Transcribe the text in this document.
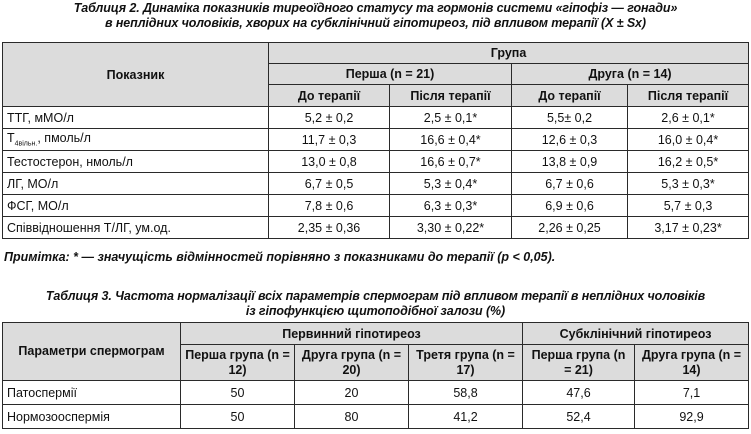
Таблиця 2. Динаміка показників тиреоїдного статусу та гормонів системи «гіпофіз — гонади»
в неплідних чоловіків, хворих на субклінічний гіпотиреоз, під впливом терапії (X ± Sx)
Показник	Група			
	Перша (n = 21)		Друга (n = 14)	
	До терапії	Після терапії	До терапії	Після терапії
ТТГ, мМО/л	5,2 ± 0,2	2,5 ± 0,1*	5,5± 0,2	2,6 ± 0,1*
$T_{4вільн.}$, пмоль/л	11,7 ± 0,3	16,6 ± 0,4*	12,6 ± 0,3	16,0 ± 0,4*
Тестостерон, нмоль/л	13,0 ± 0,8	16,6 ± 0,7*	13,8 ± 0,9	16,2 ± 0,5*
ЛГ, МО/л	6,7 ± 0,5	5,3 ± 0,4*	6,7 ± 0,6	5,3 ± 0,3*
ФСГ, МО/л	7,8 ± 0,6	6,3 ± 0,3*	6,9 ± 0,6	5,7 ± 0,3
Співвідношення Т/ЛГ, ум.од.	2,35 ± 0,36	3,30 ± 0,22*	2,26 ± 0,25	3,17 ± 0,23*
Примітка: * — значущість відмінностей порівняно з показниками до терапії (р < 0,05).
Таблиця 3. Частота нормалізації всіх параметрів спермограм під впливом терапії в неплідних чоловіків
із гіпофункцією щитоподібної залози (%)
Параметри спермограм	Первинний гіпотиреоз			Субклінічний гіпотиреоз	
	Перша група (n = 12)	Друга група (n = 20)	Третя група (n = 17)	Перша група (n = 21)	Друга група (n = 14)
Патоспермії	50	20	58,8	47,6	7,1
Нормозооспермія	50	80	41,2	52,4	92,9
